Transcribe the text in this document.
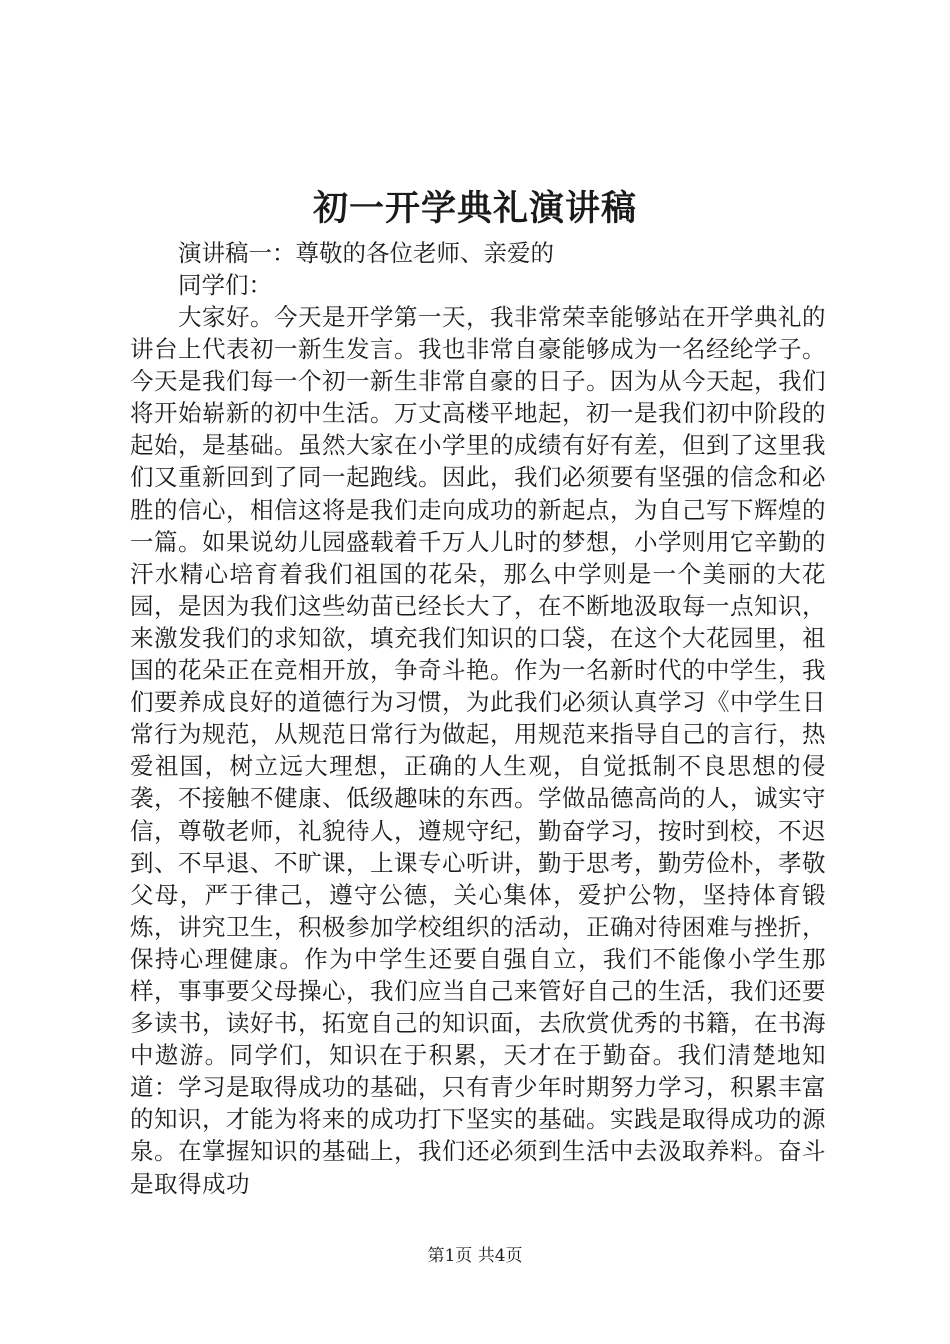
初一开学典礼演讲稿

演讲稿一：尊敬的各位老师、亲爱的

同学们：

大家好。今天是开学第一天，我非常荣幸能够站在开学典礼的讲台上代表初一新生发言。我也非常自豪能够成为一名经纶学子。今天是我们每一个初一新生非常自豪的日子。因为从今天起，我们将开始崭新的初中生活。万丈高楼平地起，初一是我们初中阶段的起始，是基础。虽然大家在小学里的成绩有好有差，但到了这里我们又重新回到了同一起跑线。因此，我们必须要有坚强的信念和必胜的信心，相信这将是我们走向成功的新起点，为自己写下辉煌的一篇。如果说幼儿园盛载着千万人儿时的梦想，小学则用它辛勤的汗水精心培育着我们祖国的花朵，那么中学则是一个美丽的大花园，是因为我们这些幼苗已经长大了，在不断地汲取每一点知识，来激发我们的求知欲，填充我们知识的口袋，在这个大花园里，祖国的花朵正在竞相开放，争奇斗艳。作为一名新时代的中学生，我们要养成良好的道德行为习惯，为此我们必须认真学习《中学生日常行为规范，从规范日常行为做起，用规范来指导自己的言行，热爱祖国，树立远大理想，正确的人生观，自觉抵制不良思想的侵袭，不接触不健康、低级趣味的东西。学做品德高尚的人，诚实守信，尊敬老师，礼貌待人，遵规守纪，勤奋学习，按时到校，不迟到、不早退、不旷课，上课专心听讲，勤于思考，勤劳俭朴，孝敬父母，严于律己，遵守公德，关心集体，爱护公物，坚持体育锻炼，讲究卫生，积极参加学校组织的活动，正确对待困难与挫折，保持心理健康。作为中学生还要自强自立，我们不能像小学生那样，事事要父母操心，我们应当自己来管好自己的生活，我们还要多读书，读好书，拓宽自己的知识面，去欣赏优秀的书籍，在书海中遨游。同学们，知识在于积累，天才在于勤奋。我们清楚地知道：学习是取得成功的基础，只有青少年时期努力学习，积累丰富的知识，才能为将来的成功打下坚实的基础。实践是取得成功的源泉。在掌握知识的基础上，我们还必须到生活中去汲取养料。奋斗是取得成功

第1页 共4页
